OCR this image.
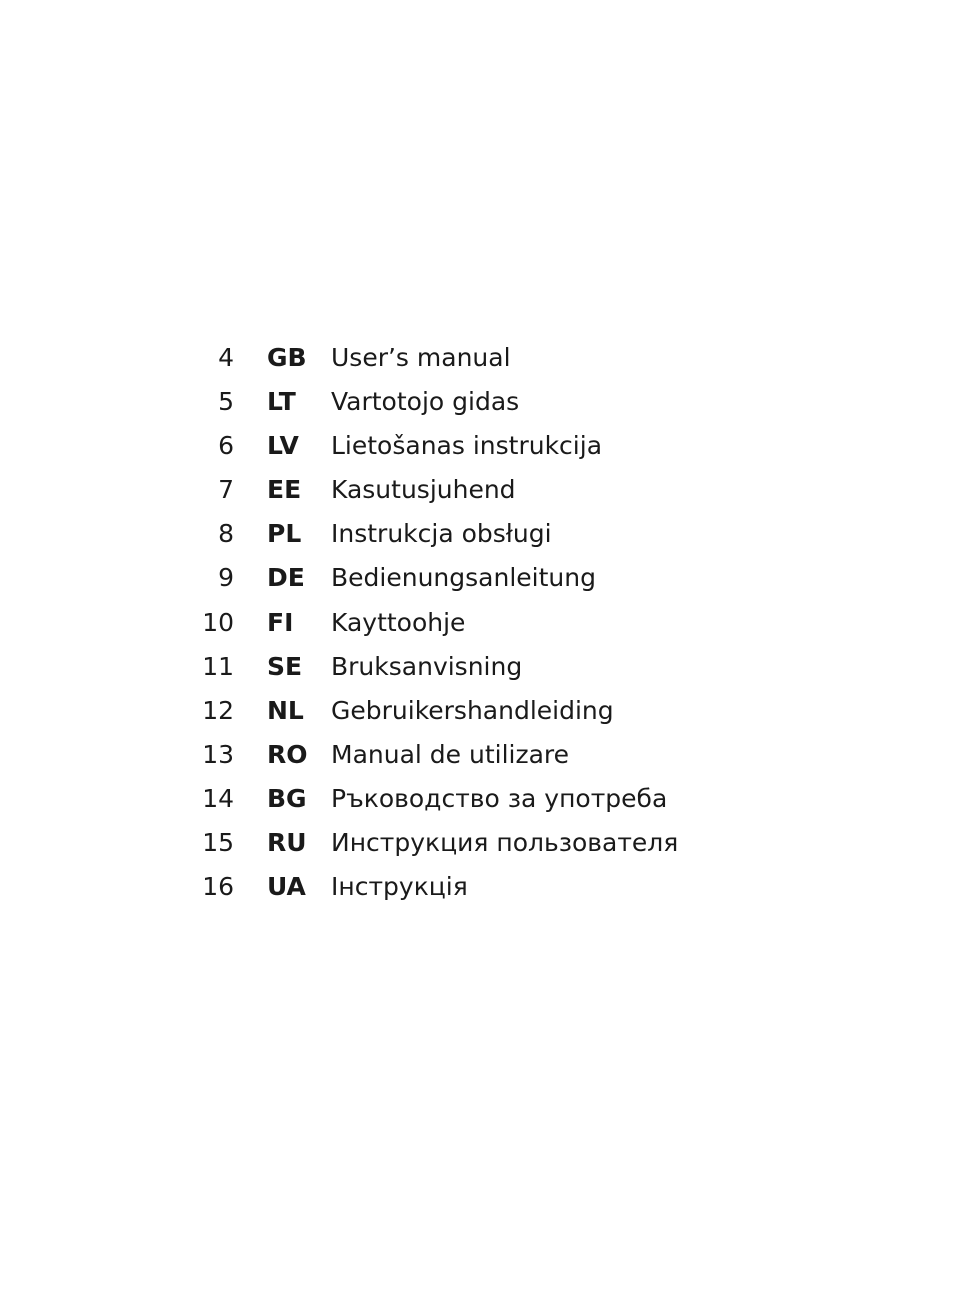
4 GB User’s manual
5 LT Vartotojo gidas
6 LV Lietošanas instrukcija
7 EE Kasutusjuhend
8 PL Instrukcja obsługi
9 DE Bedienungsanleitung
10 FI Kayttoohje
11 SE Bruksanvisning
12 NL Gebruikershandleiding
13 RO Manual de utilizare
14 BG Ръководство за употреба
15 RU Инструкция пользователя
16 UA Інструкція
